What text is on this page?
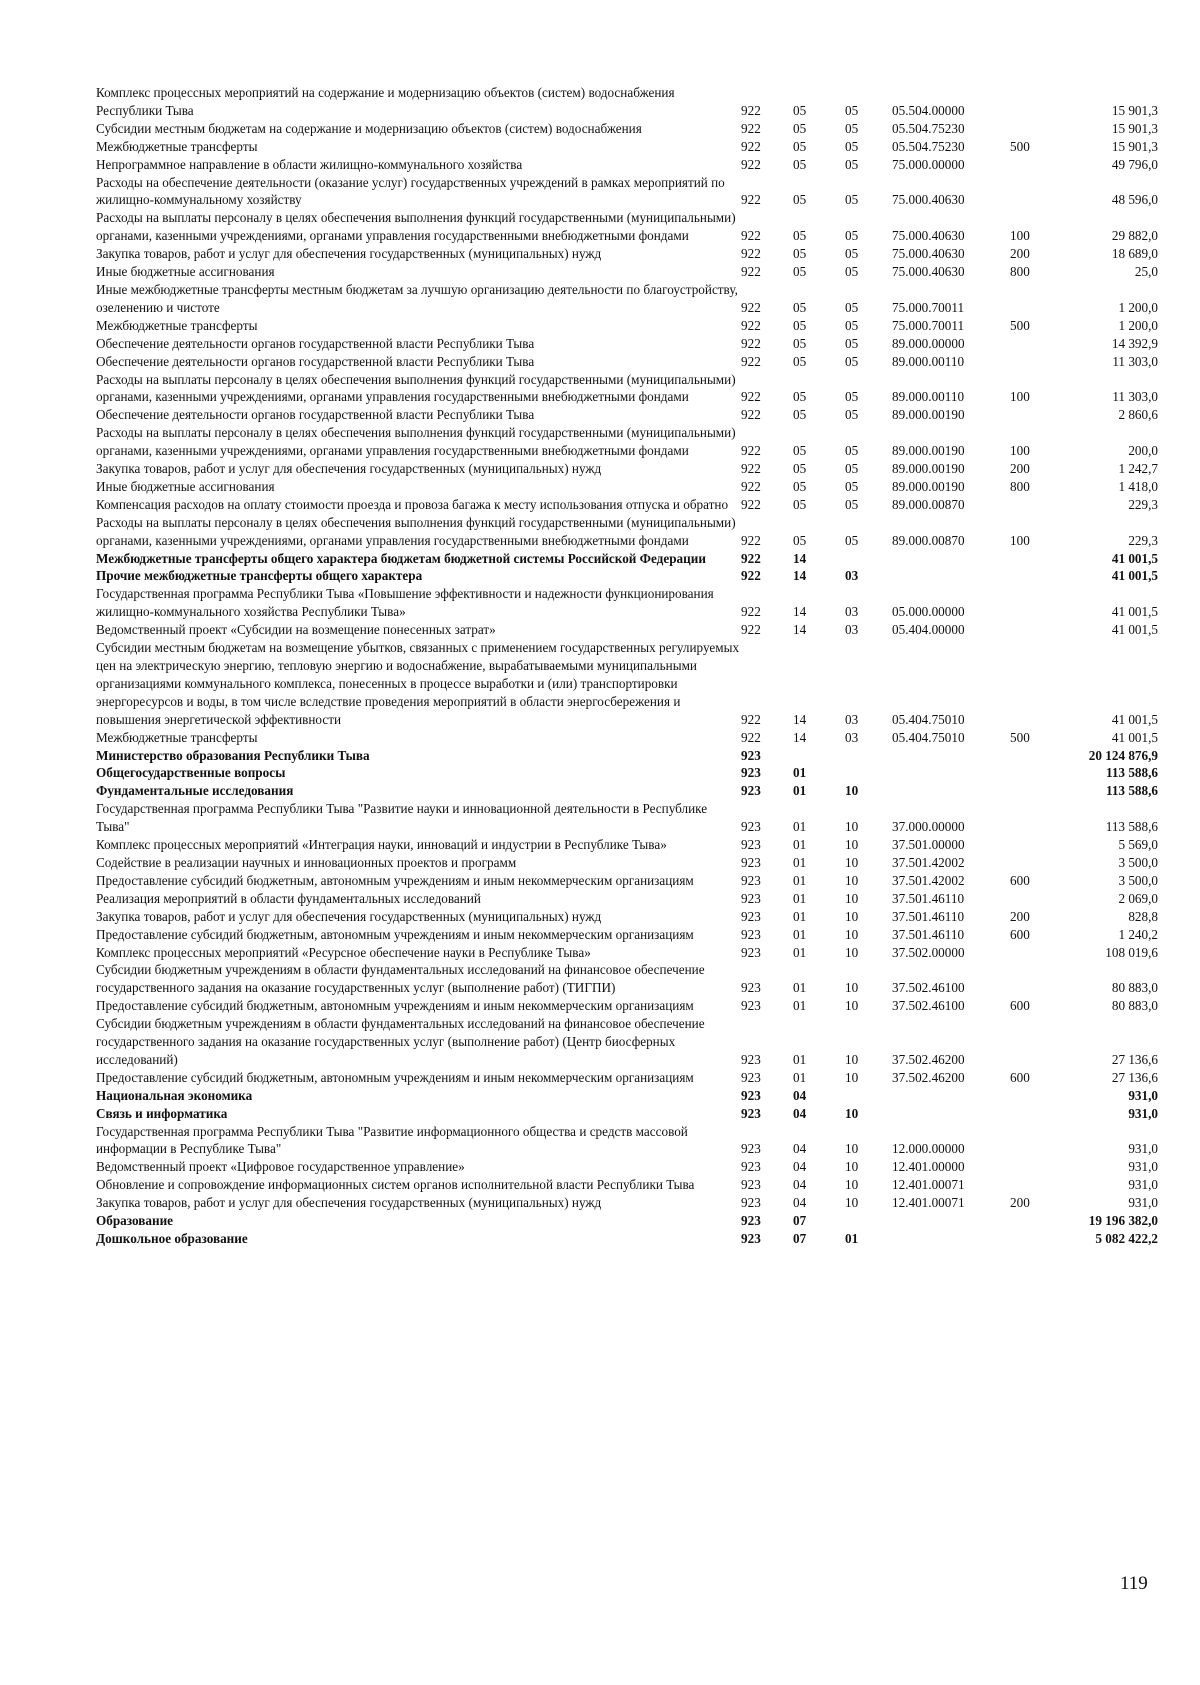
Комплекс процессных мероприятий на содержание и модернизацию объектов (систем) водоснабжения Республики Тыва	922	05	05	05.504.00000		15 901,3
Субсидии местным бюджетам на содержание и модернизацию объектов (систем) водоснабжения	922	05	05	05.504.75230		15 901,3
Межбюджетные трансферты	922	05	05	05.504.75230	500	15 901,3
Непрограммное направление в области жилищно-коммунального хозяйства	922	05	05	75.000.00000		49 796,0
Расходы на обеспечение деятельности (оказание услуг) государственных учреждений в рамках мероприятий по жилищно-коммунальному хозяйству	922	05	05	75.000.40630		48 596,0
Расходы на выплаты персоналу в целях обеспечения выполнения функций государственными (муниципальными) органами, казенными учреждениями, органами управления государственными внебюджетными фондами	922	05	05	75.000.40630	100	29 882,0
Закупка товаров, работ и услуг для обеспечения государственных (муниципальных) нужд	922	05	05	75.000.40630	200	18 689,0
Иные бюджетные ассигнования	922	05	05	75.000.40630	800	25,0
Иные межбюджетные трансферты местным бюджетам за лучшую организацию деятельности по благоустройству, озеленению и чистоте	922	05	05	75.000.70011		1 200,0
Межбюджетные трансферты	922	05	05	75.000.70011	500	1 200,0
Обеспечение деятельности органов государственной власти Республики Тыва	922	05	05	89.000.00000		14 392,9
Обеспечение деятельности органов государственной власти Республики Тыва	922	05	05	89.000.00110		11 303,0
Расходы на выплаты персоналу в целях обеспечения выполнения функций государственными (муниципальными) органами, казенными учреждениями, органами управления государственными внебюджетными фондами	922	05	05	89.000.00110	100	11 303,0
Обеспечение деятельности органов государственной власти Республики Тыва	922	05	05	89.000.00190		2 860,6
Расходы на выплаты персоналу в целях обеспечения выполнения функций государственными (муниципальными) органами, казенными учреждениями, органами управления государственными внебюджетными фондами	922	05	05	89.000.00190	100	200,0
Закупка товаров, работ и услуг для обеспечения государственных (муниципальных) нужд	922	05	05	89.000.00190	200	1 242,7
Иные бюджетные ассигнования	922	05	05	89.000.00190	800	1 418,0
Компенсация расходов на оплату стоимости проезда и провоза багажа к месту использования отпуска и обратно	922	05	05	89.000.00870		229,3
Расходы на выплаты персоналу в целях обеспечения выполнения функций государственными (муниципальными) органами, казенными учреждениями, органами управления государственными внебюджетными фондами	922	05	05	89.000.00870	100	229,3
Межбюджетные трансферты общего характера бюджетам бюджетной системы Российской Федерации	922	14				41 001,5
Прочие межбюджетные трансферты общего характера	922	14	03			41 001,5
Государственная программа Республики Тыва «Повышение эффективности и надежности функционирования жилищно-коммунального хозяйства Республики Тыва»	922	14	03	05.000.00000		41 001,5
Ведомственный проект «Субсидии на возмещение понесенных затрат»	922	14	03	05.404.00000		41 001,5
Субсидии местным бюджетам на возмещение убытков, связанных с применением государственных регулируемых цен на электрическую энергию, тепловую энергию и водоснабжение, вырабатываемыми муниципальными организациями коммунального комплекса, понесенных в процессе выработки и (или) транспортировки энергоресурсов и воды, в том числе вследствие проведения мероприятий в области энергосбережения и повышения энергетической эффективности	922	14	03	05.404.75010		41 001,5
Межбюджетные трансферты	922	14	03	05.404.75010	500	41 001,5
Министерство образования Республики Тыва	923					20 124 876,9
Общегосударственные вопросы	923	01				113 588,6
Фундаментальные исследования	923	01	10			113 588,6
Государственная программа Республики Тыва "Развитие науки и инновационной деятельности в Республике Тыва"	923	01	10	37.000.00000		113 588,6
Комплекс процессных мероприятий «Интеграция науки, инноваций и индустрии в Республике Тыва»	923	01	10	37.501.00000		5 569,0
Содействие в реализации научных и инновационных проектов и программ	923	01	10	37.501.42002		3 500,0
Предоставление субсидий бюджетным, автономным учреждениям и иным некоммерческим организациям	923	01	10	37.501.42002	600	3 500,0
Реализация мероприятий в области фундаментальных исследований	923	01	10	37.501.46110		2 069,0
Закупка товаров, работ и услуг для обеспечения государственных (муниципальных) нужд	923	01	10	37.501.46110	200	828,8
Предоставление субсидий бюджетным, автономным учреждениям и иным некоммерческим организациям	923	01	10	37.501.46110	600	1 240,2
Комплекс процессных мероприятий «Ресурсное обеспечение науки в Республике Тыва»	923	01	10	37.502.00000		108 019,6
Субсидии бюджетным учреждениям в области фундаментальных исследований на финансовое обеспечение государственного задания на оказание государственных услуг (выполнение работ) (ТИГПИ)	923	01	10	37.502.46100		80 883,0
Предоставление субсидий бюджетным, автономным учреждениям и иным некоммерческим организациям	923	01	10	37.502.46100	600	80 883,0
Субсидии бюджетным учреждениям в области фундаментальных исследований на финансовое обеспечение государственного задания на оказание государственных услуг (выполнение работ) (Центр биосферных исследований)	923	01	10	37.502.46200		27 136,6
Предоставление субсидий бюджетным, автономным учреждениям и иным некоммерческим организациям	923	01	10	37.502.46200	600	27 136,6
Национальная экономика	923	04				931,0
Связь и информатика	923	04	10			931,0
Государственная программа Республики Тыва "Развитие информационного общества и средств массовой информации в Республике Тыва"	923	04	10	12.000.00000		931,0
Ведомственный проект «Цифровое государственное управление»	923	04	10	12.401.00000		931,0
Обновление и сопровождение информационных систем органов исполнительной власти Республики Тыва	923	04	10	12.401.00071		931,0
Закупка товаров, работ и услуг для обеспечения государственных (муниципальных) нужд	923	04	10	12.401.00071	200	931,0
Образование	923	07				19 196 382,0
Дошкольное образование	923	07	01			5 082 422,2
119
